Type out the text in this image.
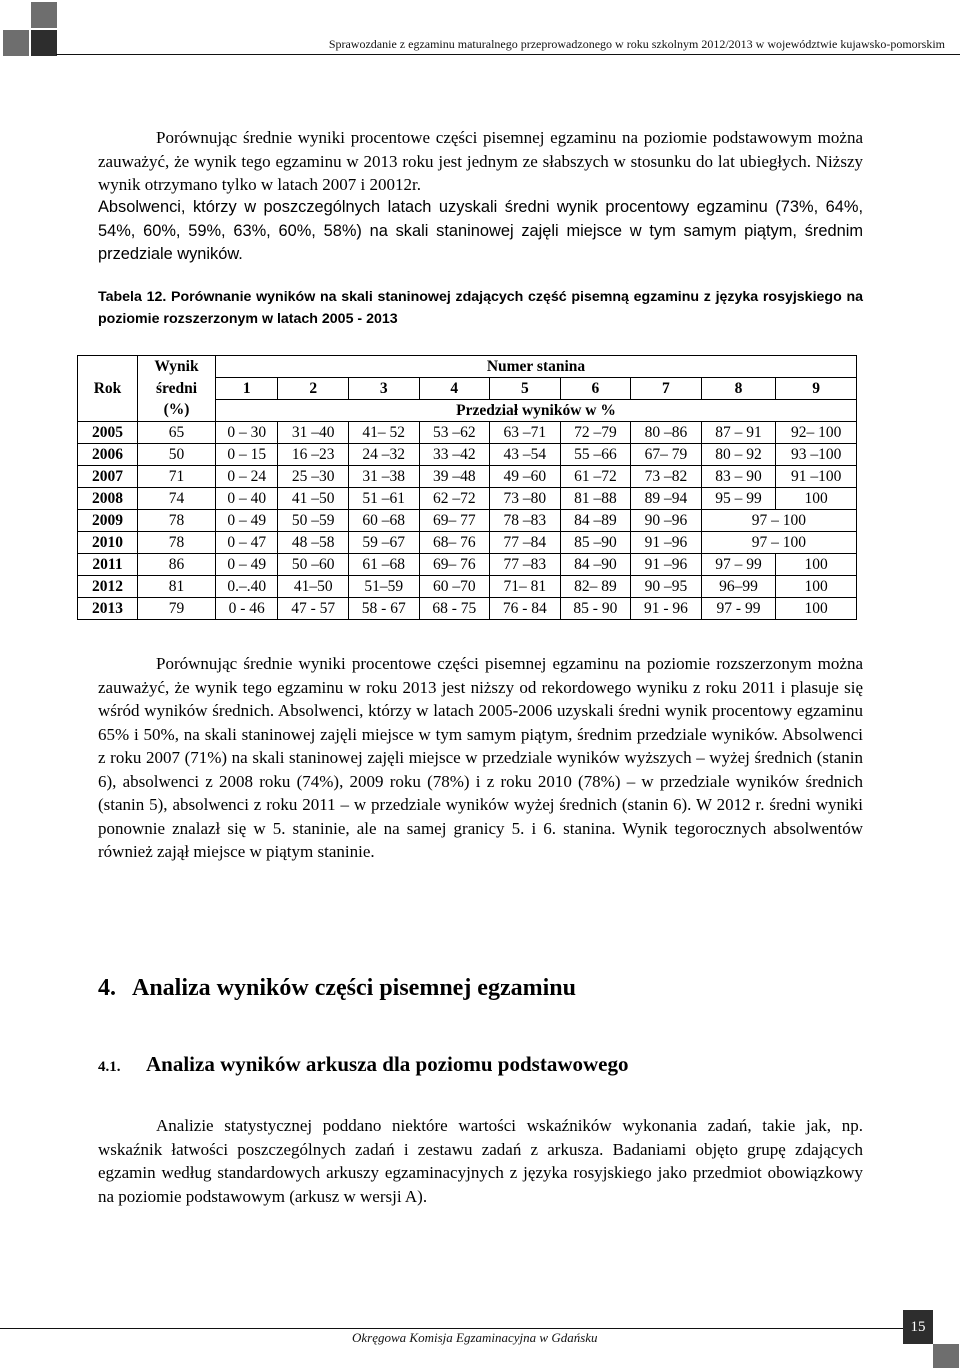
Sprawozdanie z egzaminu maturalnego przeprowadzonego w roku szkolnym 2012/2013 w województwie kujawsko-pomorskim

Porównując średnie wyniki procentowe części pisemnej egzaminu na poziomie podstawowym można zauważyć, że wynik tego egzaminu w 2013 roku jest jednym ze słabszych w stosunku do lat ubiegłych. Niższy wynik otrzymano tylko w latach 2007 i 20012r.

Absolwenci, którzy w poszczególnych latach uzyskali średni wynik procentowy egzaminu (73%, 64%, 54%, 60%, 59%, 63%, 60%, 58%) na skali staninowej zajęli miejsce w tym samym piątym, średnim przedziale wyników.

Tabela 12. Porównanie wyników na skali staninowej zdających część pisemną egzaminu z języka rosyjskiego na poziomie rozszerzonym w latach 2005 - 2013

Rok	Wynik	Numer stanina								
	średni	1	2	3	4	5	6	7	8	9
	(%)	Przedział wyników w %								
2005	65	0 – 30	31 –40	41– 52	53 –62	63 –71	72 –79	80 –86	87 – 91	92– 100
2006	50	0 – 15	16 –23	24 –32	33 –42	43 –54	55 –66	67– 79	80 – 92	93 –100
2007	71	0 – 24	25 –30	31 –38	39 –48	49 –60	61 –72	73 –82	83 – 90	91 –100
2008	74	0 – 40	41 –50	51 –61	62 –72	73 –80	81 –88	89 –94	95 – 99	100
2009	78	0 – 49	50 –59	60 –68	69– 77	78 –83	84 –89	90 –96	97 – 100	
2010	78	0 – 47	48 –58	59 –67	68– 76	77 –84	85 –90	91 –96	97 – 100	
2011	86	0 – 49	50 –60	61 –68	69– 76	77 –83	84 –90	91 –96	97 – 99	100
2012	81	0.–.40	41–50	51–59	60 –70	71– 81	82– 89	90 –95	96–99	100
2013	79	0 - 46	47 - 57	58 - 67	68 - 75	76 - 84	85 - 90	91 - 96	97 - 99	100

Porównując średnie wyniki procentowe części pisemnej egzaminu na poziomie rozszerzonym można zauważyć, że wynik tego egzaminu w roku 2013 jest niższy od rekordowego wyniku z roku 2011 i plasuje się wśród wyników średnich. Absolwenci, którzy w latach 2005-2006 uzyskali średni wynik procentowy egzaminu 65% i 50%, na skali staninowej zajęli miejsce w tym samym piątym, średnim przedziale wyników. Absolwenci z roku 2007 (71%) na skali staninowej zajęli miejsce w przedziale wyników wyższych – wyżej średnich (stanin 6), absolwenci z 2008 roku (74%), 2009 roku (78%) i z roku 2010 (78%) – w przedziale wyników średnich (stanin 5), absolwenci z roku 2011 – w przedziale wyników wyżej średnich (stanin 6). W 2012 r. średni wyniki ponownie znalazł się w 5. staninie, ale na samej granicy 5. i 6. stanina. Wynik tegorocznych absolwentów również zajął miejsce w piątym staninie.

4. Analiza wyników części pisemnej egzaminu
4.1. Analiza wyników arkusza dla poziomu podstawowego

Analizie statystycznej poddano niektóre wartości wskaźników wykonania zadań, takie jak, np. wskaźnik łatwości poszczególnych zadań i zestawu zadań z arkusza. Badaniami objęto grupę zdających egzamin według standardowych arkuszy egzaminacyjnych z języka rosyjskiego jako przedmiot obowiązkowy na poziomie podstawowym (arkusz w wersji A).

Okręgowa Komisja Egzaminacyjna w Gdańsku
15
